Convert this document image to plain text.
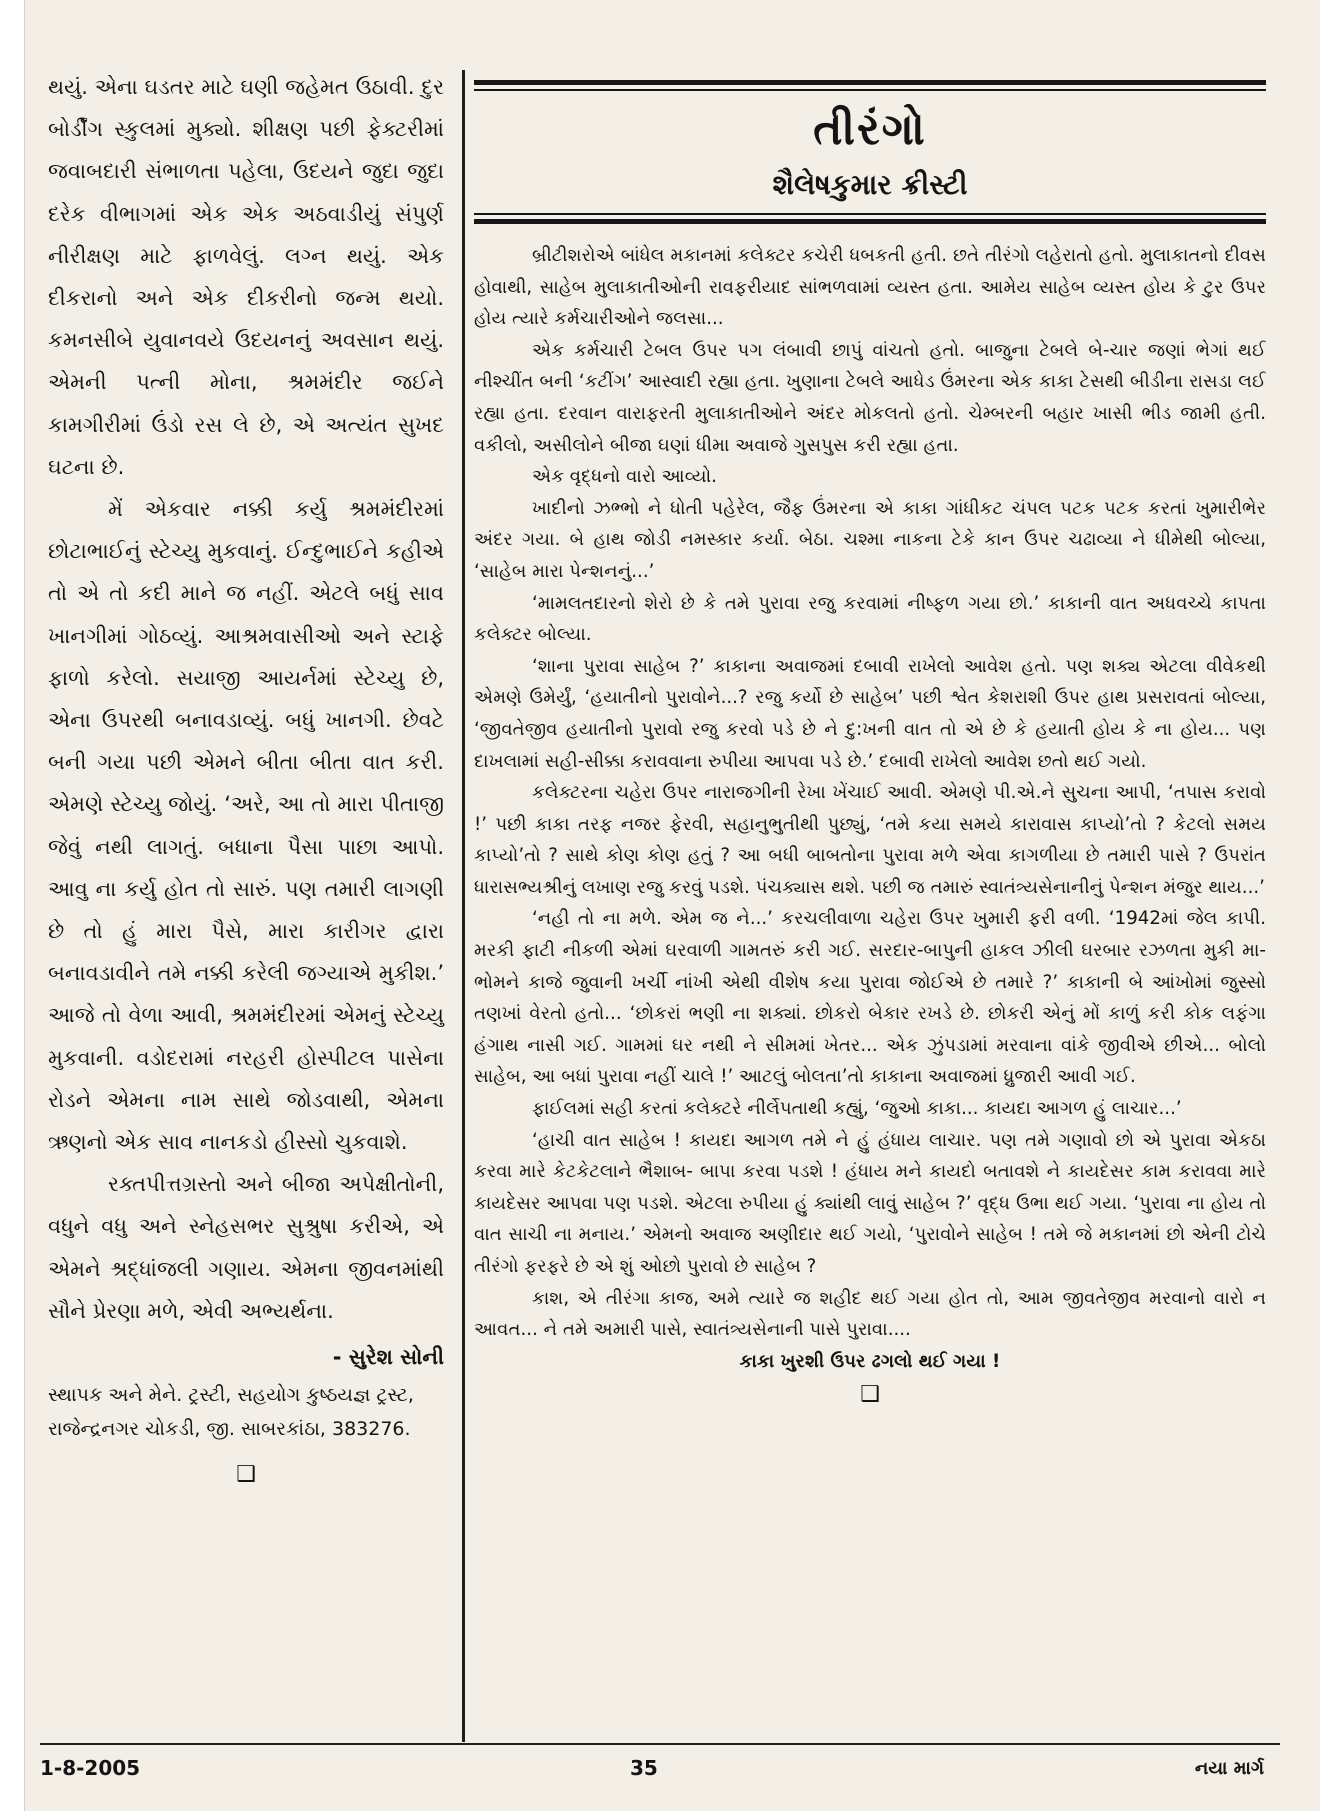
થયું. એના ઘડતર માટે ઘણી જહેમત ઉઠાવી. દુર બોર્ડીંગ સ્કુલમાં મુક્યો. શીક્ષણ પછી ફેક્ટરીમાં જવાબદારી સંભાળતા પહેલા, ઉદયને જુદા જુદા દરેક વીભાગમાં એક એક અઠવાડીયું સંપુર્ણ નીરીક્ષણ માટે ફાળવેલું. લગ્ન થયું. એક દીકરાનો અને એક દીકરીનો જન્મ થયો. કમનસીબે યુવાનવયે ઉદયનનું અવસાન થયું. એમની પત્ની મોના, શ્રમમંદીર જઈને કામગીરીમાં ઉંડો રસ લે છે, એ અત્યંત સુખદ ઘટના છે.

મેં એકવાર નક્કી કર્યુ શ્રમમંદીરમાં છોટાભાઈનું સ્ટેચ્યુ મુકવાનું. ઈન્દુભાઈને કહીએ તો એ તો કદી માને જ નહીં. એટલે બધું સાવ ખાનગીમાં ગોઠવ્યું. આશ્રમવાસીઓ અને સ્ટાફે ફાળો કરેલો. સયાજી આયર્નમાં સ્ટેચ્યુ છે, એના ઉપરથી બનાવડાવ્યું. બધું ખાનગી. છેવટે બની ગયા પછી એમને બીતા બીતા વાત કરી. એમણે સ્ટેચ્યુ જોયું. ‘અરે, આ તો મારા પીતાજી જેવું નથી લાગતું. બધાના પૈસા પાછા આપો. આવુ ના કર્યુ હોત તો સારું. પણ તમારી લાગણી છે તો હું મારા પૈસે, મારા કારીગર દ્વારા બનાવડાવીને તમે નક્કી કરેલી જગ્યાએ મુકીશ.’ આજે તો વેળા આવી, શ્રમમંદીરમાં એમનું સ્ટેચ્યુ મુકવાની. વડોદરામાં નરહરી હોસ્પીટલ પાસેના રોડને એમના નામ સાથે જોડવાથી, એમના ઋણનો એક સાવ નાનકડો હીસ્સો ચુકવાશે.

રક્તપીત્તગ્રસ્તો અને બીજા અપેક્ષીતોની, વધુને વધુ અને સ્નેહસભર સુશ્રુષા કરીએ, એ એમને શ્રદ્ધાંજલી ગણાય. એમના જીવનમાંથી સૌને પ્રેરણા મળે, એવી અભ્યર્થના.

- સુરેશ સોની

સ્થાપક અને મેને. ટ્રસ્ટી, સહયોગ કુષ્ઠયજ્ઞ ટ્રસ્ટ, રાજેન્દ્રનગર ચોકડી, જી. સાબરકાંઠા, 383276.

❑

તીરંગો
શૈલેષકુમાર ક્રીસ્ટી

બ્રીટીશરોએ બાંધેલ મકાનમાં કલેક્ટર કચેરી ધબકતી હતી. છતે તીરંગો લહેરાતો હતો. મુલાકાતનો દીવસ હોવાથી, સાહેબ મુલાકાતીઓની રાવફરીયાદ સાંભળવામાં વ્યસ્ત હતા. આમેય સાહેબ વ્યસ્ત હોય કે ટુર ઉપર હોય ત્યારે કર્મચારીઓને જલસા...

એક કર્મચારી ટેબલ ઉપર પગ લંબાવી છાપું વાંચતો હતો. બાજુના ટેબલે બે-ચાર જણાં ભેગાં થઈ નીશ્ચીંત બની ‘કટીંગ’ આસ્વાદી રહ્યા હતા. ખુણાના ટેબલે આધેડ ઉંમરના એક કાકા ટેસથી બીડીના રાસડા લઈ રહ્યા હતા. દરવાન વારાફરતી મુલાકાતીઓને અંદર મોકલતો હતો. ચેમ્બરની બહાર ખાસી ભીડ જામી હતી. વકીલો, અસીલોને બીજા ઘણાં ધીમા અવાજે ગુસપુસ કરી રહ્યા હતા.

એક વૃદ્ધનો વારો આવ્યો.

ખાદીનો ઝભ્ભો ને ધોતી પહેરેલ, જૈફ ઉંમરના એ કાકા ગાંધીકટ ચંપલ પટક પટક કરતાં ખુમારીભેર અંદર ગયા. બે હાથ જોડી નમસ્કાર કર્યા. બેઠા. ચશ્મા નાકના ટેકે કાન ઉપર ચઢાવ્યા ને ધીમેથી બોલ્યા, ‘સાહેબ મારા પેન્શનનું...’

‘મામલતદારનો શેરો છે કે તમે પુરાવા રજુ કરવામાં નીષ્ફળ ગયા છો.’ કાકાની વાત અધવચ્ચે કાપતા કલેક્ટર બોલ્યા.

‘શાના પુરાવા સાહેબ ?’ કાકાના અવાજમાં દબાવી રાખેલો આવેશ હતો. પણ શક્ય એટલા વીવેકથી એમણે ઉમેર્યું, ‘હયાતીનો પુરાવોને...? રજુ કર્યો છે સાહેબ’ પછી શ્વેત કેશરાશી ઉપર હાથ પ્રસરાવતાં બોલ્યા, ‘જીવતેજીવ હયાતીનો પુરાવો રજુ કરવો પડે છે ને દુ:ખની વાત તો એ છે કે હયાતી હોય કે ના હોય... પણ દાખલામાં સહી-સીક્કા કરાવવાના રુપીયા આપવા પડે છે.’ દબાવી રાખેલો આવેશ છતો થઈ ગયો.

કલેક્ટરના ચહેરા ઉપર નારાજગીની રેખા ખેંચાઈ આવી. એમણે પી.એ.ને સુચના આપી, ‘તપાસ કરાવો !’ પછી કાકા તરફ નજર ફેરવી, સહાનુભુતીથી પુછ્યું, ‘તમે કયા સમયે કારાવાસ કાપ્યો’તો ? કેટલો સમય કાપ્યો’તો ? સાથે કોણ કોણ હતું ? આ બધી બાબતોના પુરાવા મળે એવા કાગળીયા છે તમારી પાસે ? ઉપરાંત ધારાસભ્યશ્રીનું લખાણ રજુ કરવું પડશે. પંચક્યાસ થશે. પછી જ તમારું સ્વાતંત્ર્યસેનાનીનું પેન્શન મંજુર થાય...’

‘નહી તો ના મળે. એમ જ ને...’ કરચલીવાળા ચહેરા ઉપર ખુમારી ફરી વળી. ‘1942માં જેલ કાપી. મરકી ફાટી નીકળી એમાં ઘરવાળી ગામતરું કરી ગઈ. સરદાર-બાપુની હાકલ ઝીલી ઘરબાર રઝળતા મુકી મા-ભોમને કાજે જુવાની ખર્ચી નાંખી એથી વીશેષ કયા પુરાવા જોઈએ છે તમારે ?’ કાકાની બે આંખોમાં જુસ્સો તણખાં વેરતો હતો... ‘છોકરાં ભણી ના શક્યાં. છોકરો બેકાર રખડે છે. છોકરી એનું મોં કાળું કરી કોક લફંગા હંગાથ નાસી ગઈ. ગામમાં ઘર નથી ને સીમમાં ખેતર... એક ઝુંપડામાં મરવાના વાંકે જીવીએ છીએ... બોલો સાહેબ, આ બધાં પુરાવા નહીં ચાલે !’ આટલું બોલતા’તો કાકાના અવાજમાં ધ્રુજારી આવી ગઈ.

ફાઈલમાં સહી કરતાં કલેક્ટરે નીર્લેપતાથી કહ્યું, ‘જુઓ કાકા... કાયદા આગળ હું લાચાર...’

‘હાચી વાત સાહેબ ! કાયદા આગળ તમે ને હું હંધાય લાચાર. પણ તમે ગણાવો છો એ પુરાવા એકઠા કરવા મારે કેટકેટલાને ભૈશાબ- બાપા કરવા પડશે ! હંધાય મને કાયદો બતાવશે ને કાયદેસર કામ કરાવવા મારે કાયદેસર આપવા પણ પડશે. એટલા રુપીયા હું ક્યાંથી લાવું સાહેબ ?’ વૃદ્ધ ઉભા થઈ ગયા. ‘પુરાવા ના હોય તો વાત સાચી ના મનાય.’ એમનો અવાજ અણીદાર થઈ ગયો, ‘પુરાવોને સાહેબ ! તમે જે મકાનમાં છો એની ટોચે તીરંગો ફરફરે છે એ શું ઓછો પુરાવો છે સાહેબ ?

કાશ, એ તીરંગા કાજ, અમે ત્યારે જ શહીદ થઈ ગયા હોત તો, આમ જીવતેજીવ મરવાનો વારો ન આવત... ને તમે અમારી પાસે, સ્વાતંત્ર્યસેનાની પાસે પુરાવા....

કાકા ખુરશી ઉપર ઢગલો થઈ ગયા !

❑

1-8-2005	35	નયા માર્ગ
